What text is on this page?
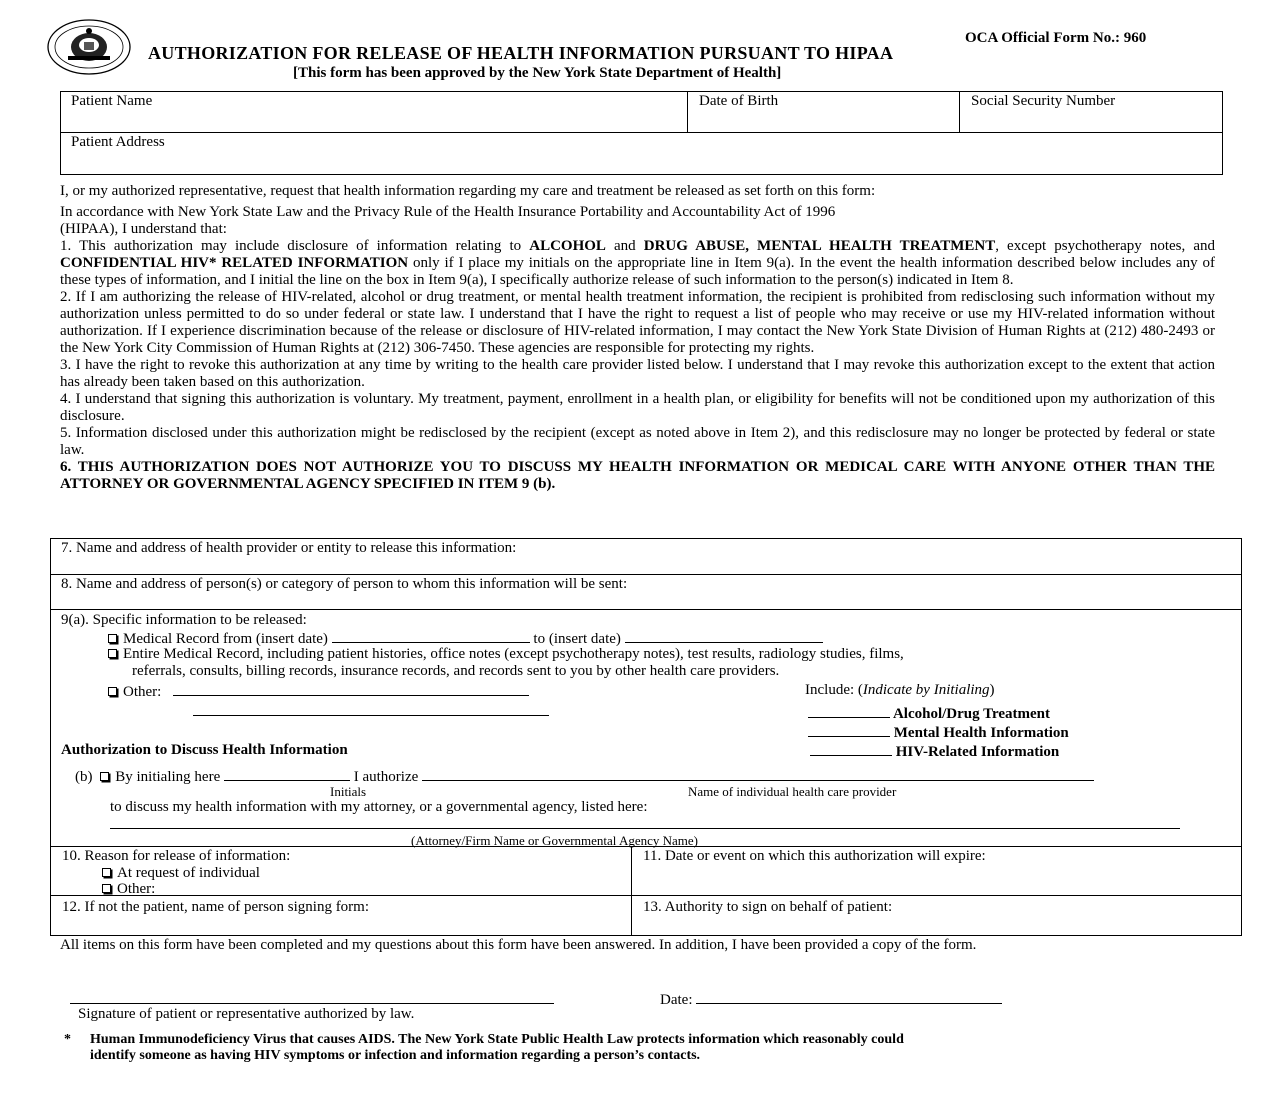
OCA Official Form No.: 960
AUTHORIZATION FOR RELEASE OF HEALTH INFORMATION PURSUANT TO HIPAA
[This form has been approved by the New York State Department of Health]
Patient Name	Date of Birth	Social Security Number
Patient Address
I, or my authorized representative, request that health information regarding my care and treatment be released as set forth on this form:
In accordance with New York State Law and the Privacy Rule of the Health Insurance Portability and Accountability Act of 1996
(HIPAA), I understand that:

1. This authorization may include disclosure of information relating to ALCOHOL and DRUG ABUSE, MENTAL HEALTH TREATMENT, except psychotherapy notes, and CONFIDENTIAL HIV* RELATED INFORMATION only if I place my initials on the appropriate line in Item 9(a). In the event the health information described below includes any of these types of information, and I initial the line on the box in Item 9(a), I specifically authorize release of such information to the person(s) indicated in Item 8.

2. If I am authorizing the release of HIV-related, alcohol or drug treatment, or mental health treatment information, the recipient is prohibited from redisclosing such information without my authorization unless permitted to do so under federal or state law. I understand that I have the right to request a list of people who may receive or use my HIV-related information without authorization. If I experience discrimination because of the release or disclosure of HIV-related information, I may contact the New York State Division of Human Rights at (212) 480-2493 or the New York City Commission of Human Rights at (212) 306-7450. These agencies are responsible for protecting my rights.

3. I have the right to revoke this authorization at any time by writing to the health care provider listed below. I understand that I may revoke this authorization except to the extent that action has already been taken based on this authorization.

4. I understand that signing this authorization is voluntary. My treatment, payment, enrollment in a health plan, or eligibility for benefits will not be conditioned upon my authorization of this disclosure.

5. Information disclosed under this authorization might be redisclosed by the recipient (except as noted above in Item 2), and this redisclosure may no longer be protected by federal or state law.

6. THIS AUTHORIZATION DOES NOT AUTHORIZE YOU TO DISCUSS MY HEALTH INFORMATION OR MEDICAL CARE WITH ANYONE OTHER THAN THE ATTORNEY OR GOVERNMENTAL AGENCY SPECIFIED IN ITEM 9 (b).

7. Name and address of health provider or entity to release this information:
8. Name and address of person(s) or category of person to whom this information will be sent:
9(a). Specific information to be released:
Medical Record from (insert date)	to (insert date)
Entire Medical Record, including patient histories, office notes (except psychotherapy notes), test results, radiology studies, films,
referrals, consults, billing records, insurance records, and records sent to you by other health care providers.
Other:	Include: (Indicate by Initialing)
Alcohol/Drug Treatment
Mental Health Information
HIV-Related Information
Authorization to Discuss Health Information
(b) By initialing here	I authorize
Initials	Name of individual health care provider
to discuss my health information with my attorney, or a governmental agency, listed here:
(Attorney/Firm Name or Governmental Agency Name)
10. Reason for release of information:
At request of individual
Other:
11. Date or event on which this authorization will expire:
12. If not the patient, name of person signing form:	13. Authority to sign on behalf of patient:
All items on this form have been completed and my questions about this form have been answered. In addition, I have been provided a copy of the form.
Signature of patient or representative authorized by law.
Date:
* Human Immunodeficiency Virus that causes AIDS. The New York State Public Health Law protects information which reasonably could
identify someone as having HIV symptoms or infection and information regarding a person’s contacts.
